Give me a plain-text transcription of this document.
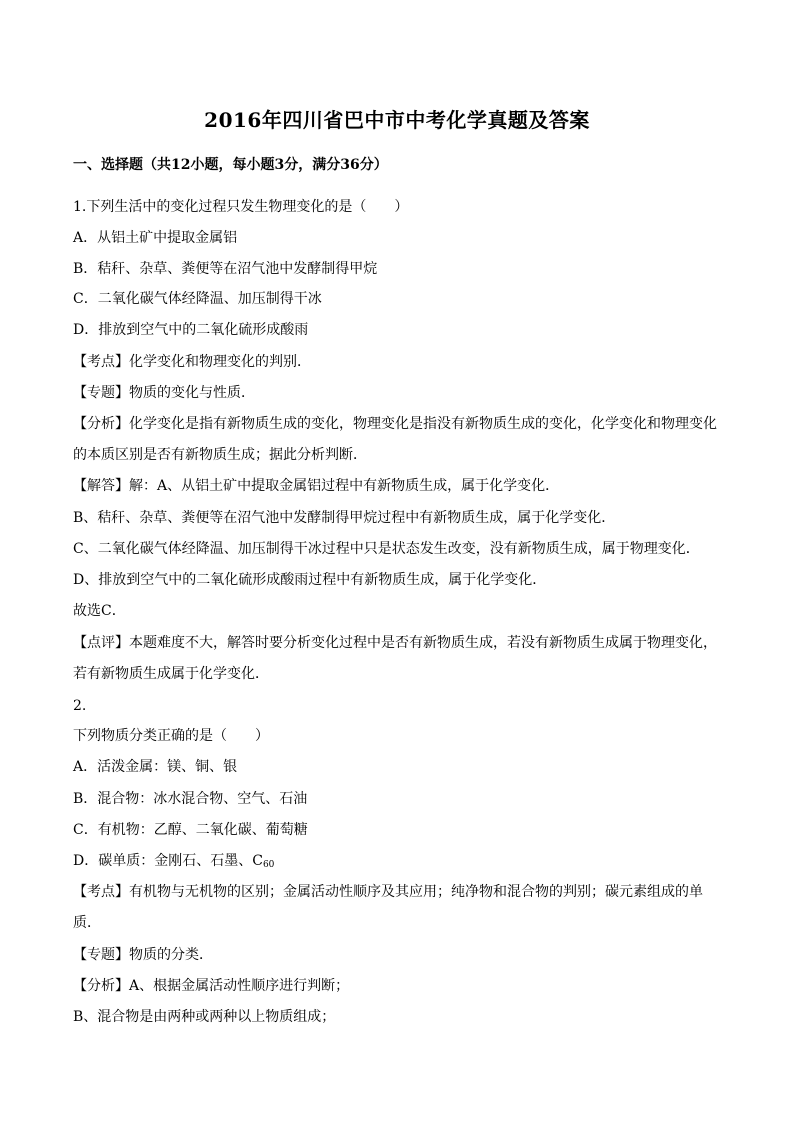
2016年四川省巴中市中考化学真题及答案
一、选择题（共12小题，每小题3分，满分36分）
1.下列生活中的变化过程只发生物理变化的是（　　）
A．从铝土矿中提取金属铝
B．秸秆、杂草、粪便等在沼气池中发酵制得甲烷
C．二氧化碳气体经降温、加压制得干冰
D．排放到空气中的二氧化硫形成酸雨
【考点】化学变化和物理变化的判别．
【专题】物质的变化与性质．
【分析】化学变化是指有新物质生成的变化，物理变化是指没有新物质生成的变化，化学变化和物理变化
的本质区别是否有新物质生成；据此分析判断．
【解答】解：A、从铝土矿中提取金属铝过程中有新物质生成，属于化学变化．
B、秸秆、杂草、粪便等在沼气池中发酵制得甲烷过程中有新物质生成，属于化学变化．
C、二氧化碳气体经降温、加压制得干冰过程中只是状态发生改变，没有新物质生成，属于物理变化．
D、排放到空气中的二氧化硫形成酸雨过程中有新物质生成，属于化学变化．
故选C．
【点评】本题难度不大，解答时要分析变化过程中是否有新物质生成，若没有新物质生成属于物理变化，
若有新物质生成属于化学变化．
2.
下列物质分类正确的是（　　）
A．活泼金属：镁、铜、银
B．混合物：冰水混合物、空气、石油
C．有机物：乙醇、二氧化碳、葡萄糖
D．碳单质：金刚石、石墨、$C_{60}$
【考点】有机物与无机物的区别；金属活动性顺序及其应用；纯净物和混合物的判别；碳元素组成的单
质．
【专题】物质的分类．
【分析】A、根据金属活动性顺序进行判断；
B、混合物是由两种或两种以上物质组成；
